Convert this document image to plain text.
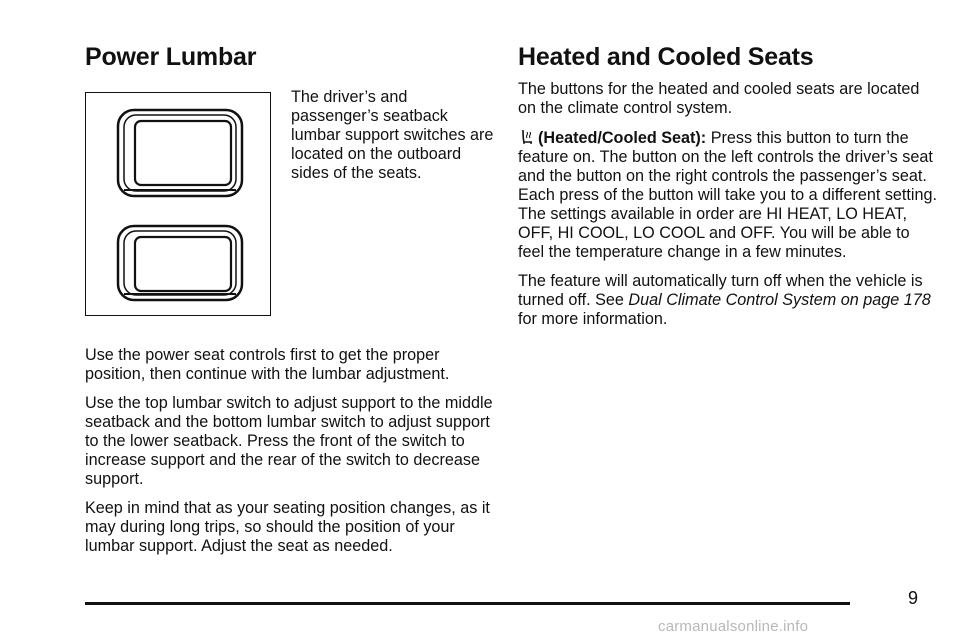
Power Lumbar

The driver’s and passenger’s seatback lumbar support switches are located on the outboard sides of the seats.

Use the power seat controls first to get the proper position, then continue with the lumbar adjustment.

Use the top lumbar switch to adjust support to the middle seatback and the bottom lumbar switch to adjust support to the lower seatback. Press the front of the switch to increase support and the rear of the switch to decrease support.

Keep in mind that as your seating position changes, as it may during long trips, so should the position of your lumbar support. Adjust the seat as needed.

Heated and Cooled Seats

The buttons for the heated and cooled seats are located on the climate control system.

(Heated/Cooled Seat): Press this button to turn the feature on. The button on the left controls the driver’s seat and the button on the right controls the passenger’s seat. Each press of the button will take you to a different setting. The settings available in order are HI HEAT, LO HEAT, OFF, HI COOL, LO COOL and OFF. You will be able to feel the temperature change in a few minutes.

The feature will automatically turn off when the vehicle is turned off. See Dual Climate Control System on page 178 for more information.

9
carmanualsonline.info
